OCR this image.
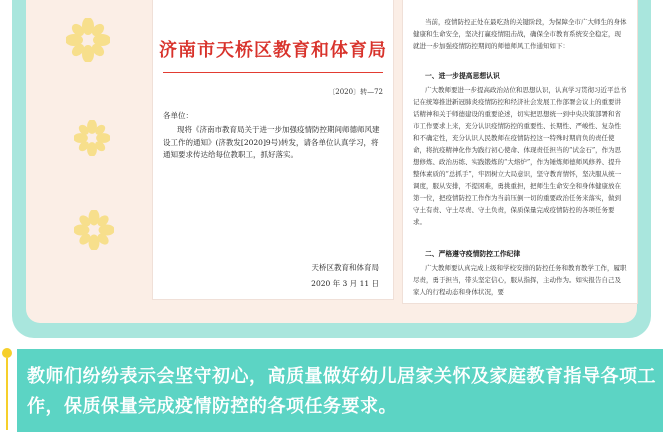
济南市天桥区教育和体育局
〔2020〕转—72
各单位：
现将《济南市教育局关于进一步加强疫情防控期间师德师风建设工作的通知》(济教发[2020]9号)转发，请各单位认真学习，将通知要求传达给每位教职工，抓好落实。
天桥区教育和体育局
2020 年 3 月 11 日
当前，疫情防控正处在最吃劲的关键阶段，为保障全市广大师生的身体健康和生命安全，坚决打赢疫情阻击战，确保全市教育系统安全稳定，现就进一步加强疫情防控期间的师德师风工作通知如下：
一、进一步提高思想认识
广大教师要进一步提高政治站位和思想认识，认真学习贯彻习近平总书记在统筹推进新冠肺炎疫情防控和经济社会发展工作部署会议上的重要讲话精神和关于师德建设的重要论述，切实把思想统一到中央决策部署和省市工作要求上来，充分认识疫情防控的重要性、长期性、严峻性、复杂性和不确定性，充分认识人民教师在疫情防控这一特殊时期肩负的责任使命，将抗疫精神化作为践行初心使命、体现责任担当的“试金石”，作为思想修炼、政治历练、实践锻炼的“大熔炉”，作为锤炼师德师风修养、提升整体素质的“总抓手”，牢固树立大局意识，坚守教育情怀，坚决服从统一调度，服从安排，不提困难，勇挑重担，把师生生命安全和身体健康放在第一位，把疫情防控工作作为当前压倒一切的重要政治任务来落实，做到守土有责、守土尽责、守土负责，保质保量完成疫情防控的各项任务要求。
二、严格遵守疫情防控工作纪律
广大教师要认真完成上级和学校安排的防控任务和教育教学工作，履职尽责，勇于担当，带头坚定信心，服从指挥，主动作为。如实报告自己及家人的行程动态和身体状况，要

教师们纷纷表示会坚守初心，高质量做好幼儿居家关怀及家庭教育指导各项工作，保质保量完成疫情防控的各项任务要求。
